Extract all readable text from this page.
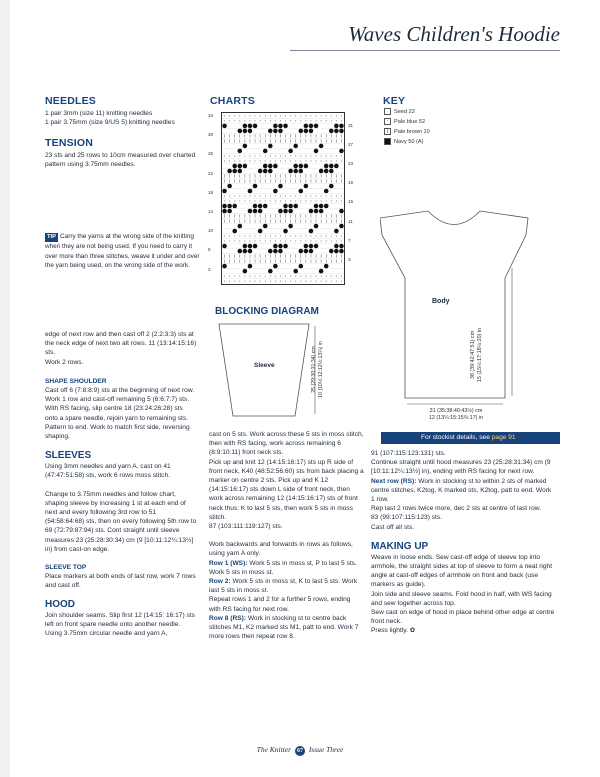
Waves Children's Hoodie
NEEDLES
1 pair 3mm (size 11) knitting needles
1 pair 3.75mm (size 9/US 5) knitting needles
TENSION
23 sts and 25 rows to 10cm measured over charted pattern using 3.75mm needles.
TIP Carry the yarns at the wrong side of the knitting when they are not being used. If you need to carry it over more than three stitches, weave it under and over the yarn being used, on the wrong side of the work.
CHARTS
34

30

26

22

18

14

10

6

2

31

27

23

19

15

11

7

3

KEY
Seed 22
·	Pale blue 52
|	Pale brown 10
Navy 50 (A)
Body
38 (39:42:47:51) cm 15 (15½:17:18½:20) in
31 (35:38:40:43½) cm
12 (13¼:15:15¾:17) in
For stockist details, see page 91
BLOCKING DIAGRAM
Sleeve	25 (29:30:31:34) cm 10 (10½:12:12½:13¼) in
edge of next row and then cast off 2 (2:2:3:3) sts at the neck edge of next two alt rows. 11 (13:14:15:16) sts.
Work 2 rows.
SHAPE SHOULDER
Cast off 6 (7:8:8:9) sts at the beginning of next row. Work 1 row and cast-off remaining 5 (6:6:7:7) sts.
With RS facing, slip centre 18 (23:24:26:28) sts onto a spare needle, rejoin yarn to remaining sts. Pattern to end. Work to match first side, reversing shaping.
SLEEVES
Using 3mm needles and yarn A, cast on 41 (47:47:51:58) sts, work 6 rows moss stitch.
Change to 3.75mm needles and follow chart, shaping sleeve by increasing 1 st at each end of next and every following 3rd row to 51 (54:58:64:68) sts, then on every following 5th row to 69 (72:79:87:94) sts. Cont straight until sleeve measures 23 (25:28:30:34) cm (9 [10:11:12¼:13½] in) from cast-on edge.
SLEEVE TOP
Place markers at both ends of last row, work 7 rows and cast off.
HOOD
Join shoulder seams. Slip first 12 (14:15: 16:17) sts left on front spare needle onto another needle.
Using 3.75mm circular needle and yarn A,
cast on 5 sts. Work across these 5 sts in moss stitch, then with RS facing, work across remaining 6 (8:9:10:11) front neck sts.
Pick up and knit 12 (14:15:16:17) sts up R side of front neck, K40 (48:52:56:60) sts from back placing a marker on centre 2 sts. Pick up and K 12 (14:15:16:17) sts down L side of front neck, then work across remaining 12 (14:15:16:17) sts of front neck thus: K to last 5 sts, then work 5 sts in moss stitch.
87 (103:111:119:127) sts.
Work backwards and forwards in rows as follows, using yarn A only.
Row 1 (WS): Work 5 sts in moss st, P to last 5 sts. Work 5 sts in moss st.
Row 2: Work 5 sts in moss st, K to last 5 sts. Work last 5 sts in moss st.
Repeat rows 1 and 2 for a further 5 rows, ending with RS facing for next row.
Row 8 (RS): Work in stocking st to centre back stitches M1, K2 marked sts M1, patt to end. Work 7 more rows then repeat row 8.
91 (107:115:123:131) sts.
Continue straight until hood measures 23 (25:28:31:34) cm (9 [10:11:12¼:13½] in), ending with RS facing for next row.
Next row (RS): Work in stocking st to within 2 sts of marked centre stitches, K2tog, K marked sts, K2tog, patt to end. Work 1 row.
Rep last 2 rows twice more, dec 2 sts at centre of last row.
83 (99:107:115:123) sts.
Cast off all sts.
MAKING UP
Weave in loose ends. Sew cast-off edge of sleeve top into armhole, the straight sides at top of sleeve to form a neat right angle at cast-off edges of armhole on front and back (use markers as guide).
Join side and sleeve seams. Fold hood in half, with WS facing and sew together across top.
Sew cast on edge of hood in place behind other edge at centre front neck.
Press lightly. ✿
The Knitter 67 Issue Three
